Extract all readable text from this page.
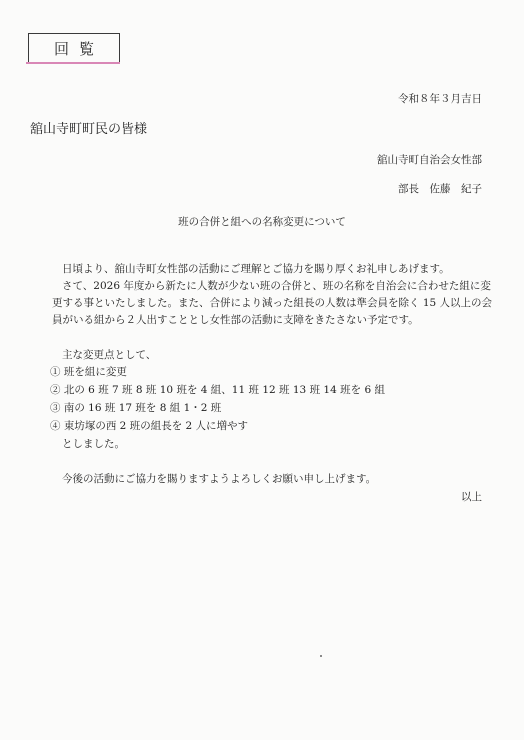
回覧
令和８年３月吉日
舘山寺町町民の皆様
舘山寺町自治会女性部
部長　佐藤　紀子
班の合併と組への名称変更について
日頃より、舘山寺町女性部の活動にご理解とご協力を賜り厚くお礼申しあげます。
さて、2026 年度から新たに人数が少ない班の合併と、班の名称を自治会に合わせた組に変
更する事といたしました。また、合併により減った組長の人数は準会員を除く 15 人以上の会
員がいる組から２人出すこととし女性部の活動に支障をきたさない予定です。
主な変更点として、
① 班を組に変更
② 北の 6 班 7 班 8 班 10 班を 4 組、11 班 12 班 13 班 14 班を 6 組
③ 南の 16 班 17 班を 8 組 1・2 班
④ 東坊塚の西 2 班の組長を 2 人に増やす
としました。
今後の活動にご協力を賜りますようよろしくお願い申し上げます。
以上
